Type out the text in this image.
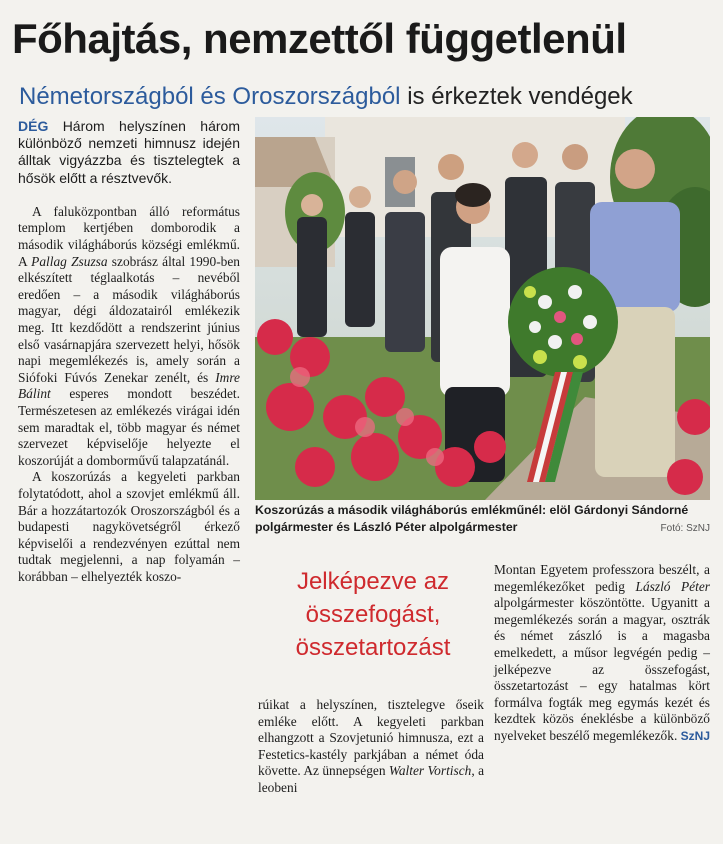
Főhajtás, nemzettől függetlenül
Németországból és Oroszországból is érkeztek vendégek

DÉG Három helyszínen három különböző nemzeti himnusz idején álltak vigyázzba és tisztelegtek a hősök előtt a résztvevők.

A faluközpontban álló református templom kertjében domborodik a második világháborús községi emlékmű. A Pallag Zsuzsa szobrász által 1990-ben elkészített téglaalkotás – nevéből eredően – a második világháborús magyar, dégi áldozatairól emlékezik meg. Itt kezdődött a rendszerint június első vasárnapjára szervezett helyi, hősök napi megemlékezés is, amely során a Siófoki Fúvós Zenekar zenélt, és Imre Bálint esperes mondott beszédet. Természetesen az emlékezés virágai idén sem maradtak el, több magyar és német szervezet képviselője helyezte el koszorúját a domborművű talapzatánál.

A koszorúzás a kegyeleti parkban folytatódott, ahol a szovjet emlékmű áll. Bár a hozzátartozók Oroszországból és a budapesti nagykövetségről érkező képviselői a rendezvényen ezúttal nem tudtak megjelenni, a nap folyamán – korábban – elhelyezték koszo-

Koszorúzás a második világháborús emlékműnél: elöl Gárdonyi Sándorné polgármester és László Péter alpolgármester	Fotó: SzNJ
Jelképezve az összefogást, összetartozást

rúikat a helyszínen, tisztelegve őseik emléke előtt. A kegyeleti parkban elhangzott a Szovjetunió himnusza, ezt a Festetics-kastély parkjában a német óda követte. Az ünnepségen Walter Vortisch, a leobeni

Montan Egyetem professzora beszélt, a megemlékezőket pedig László Péter alpolgármester köszöntötte. Ugyanitt a megemlékezés során a magyar, osztrák és német zászló is a magasba emelkedett, a műsor legvégén pedig – jelképezve az összefogást, összetartozást – egy hatalmas kört formálva fogták meg egymás kezét és kezdtek közös éneklésbe a különböző nyelveket beszélő megemlékezők. SzNJ
